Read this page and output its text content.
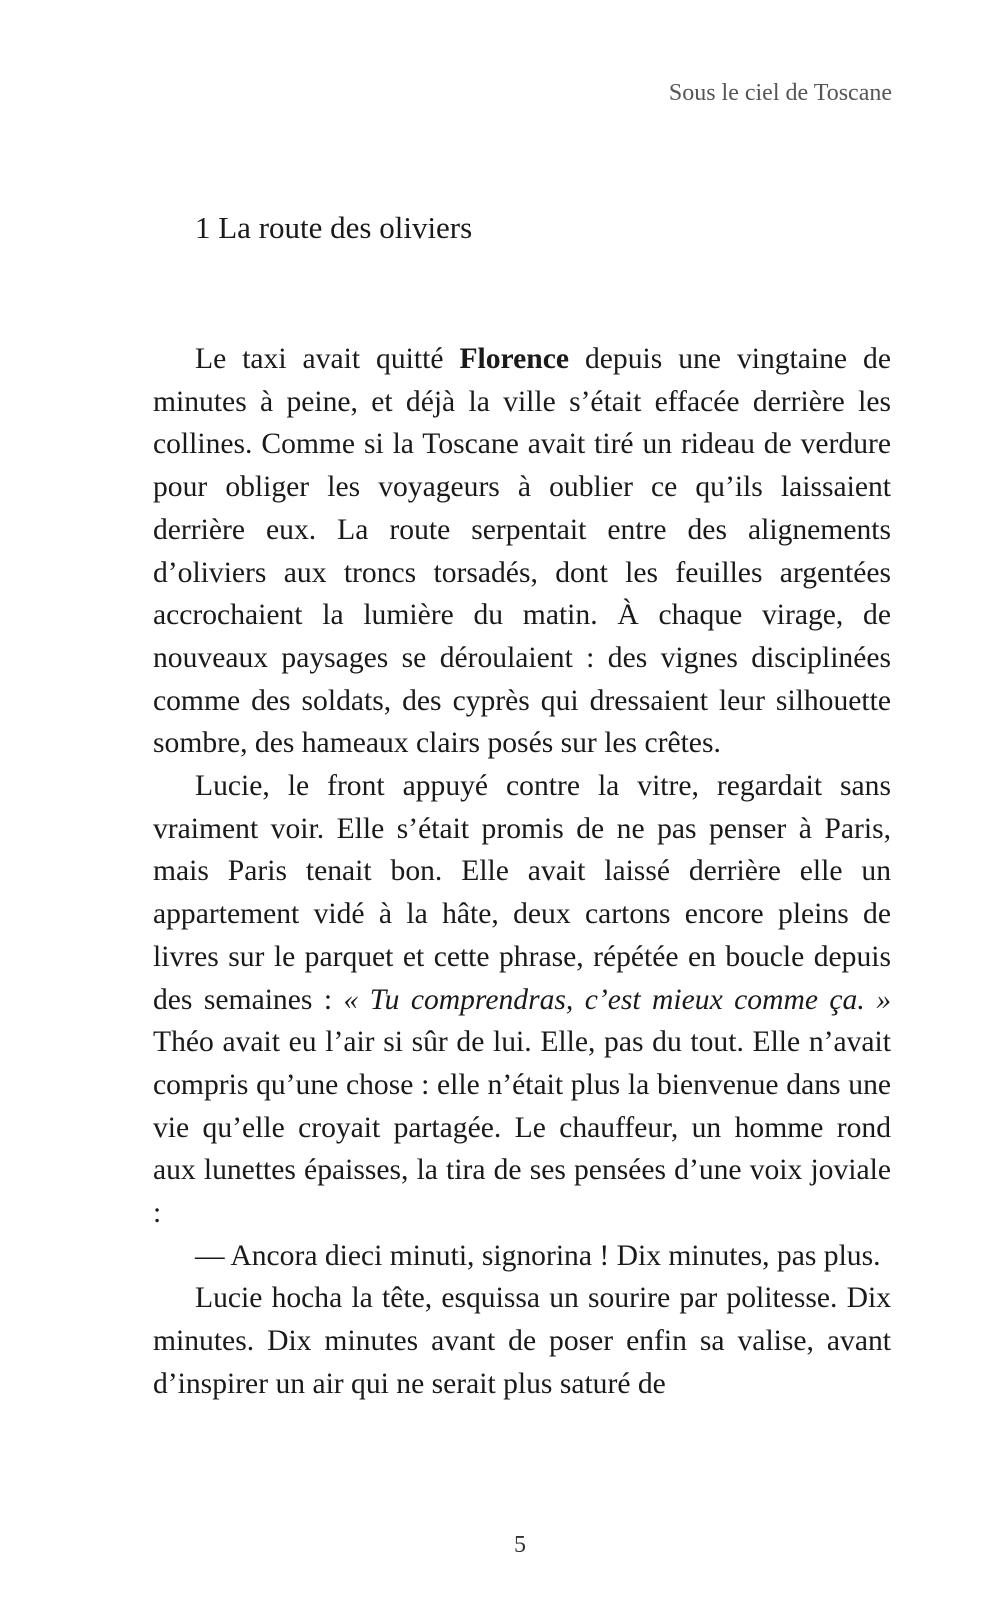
Sous le ciel de Toscane

1 La route des oliviers

Le taxi avait quitté Florence depuis une vingtaine de minutes à peine, et déjà la ville s’était effacée derrière les collines. Comme si la Toscane avait tiré un rideau de verdure pour obliger les voyageurs à oublier ce qu’ils laissaient derrière eux. La route serpentait entre des alignements d’oliviers aux troncs torsadés, dont les feuilles argentées accrochaient la lumière du matin. À chaque virage, de nouveaux paysages se déroulaient : des vignes disciplinées comme des soldats, des cyprès qui dressaient leur silhouette sombre, des hameaux clairs posés sur les crêtes.

Lucie, le front appuyé contre la vitre, regardait sans vraiment voir. Elle s’était promis de ne pas penser à Paris, mais Paris tenait bon. Elle avait laissé derrière elle un appartement vidé à la hâte, deux cartons encore pleins de livres sur le parquet et cette phrase, répétée en boucle depuis des semaines : « Tu comprendras, c’est mieux comme ça. » Théo avait eu l’air si sûr de lui. Elle, pas du tout. Elle n’avait compris qu’une chose : elle n’était plus la bienvenue dans une vie qu’elle croyait partagée. Le chauffeur, un homme rond aux lunettes épaisses, la tira de ses pensées d’une voix joviale :

— Ancora dieci minuti, signorina ! Dix minutes, pas plus.

Lucie hocha la tête, esquissa un sourire par politesse. Dix minutes. Dix minutes avant de poser enfin sa valise, avant d’inspirer un air qui ne serait plus saturé de

5
